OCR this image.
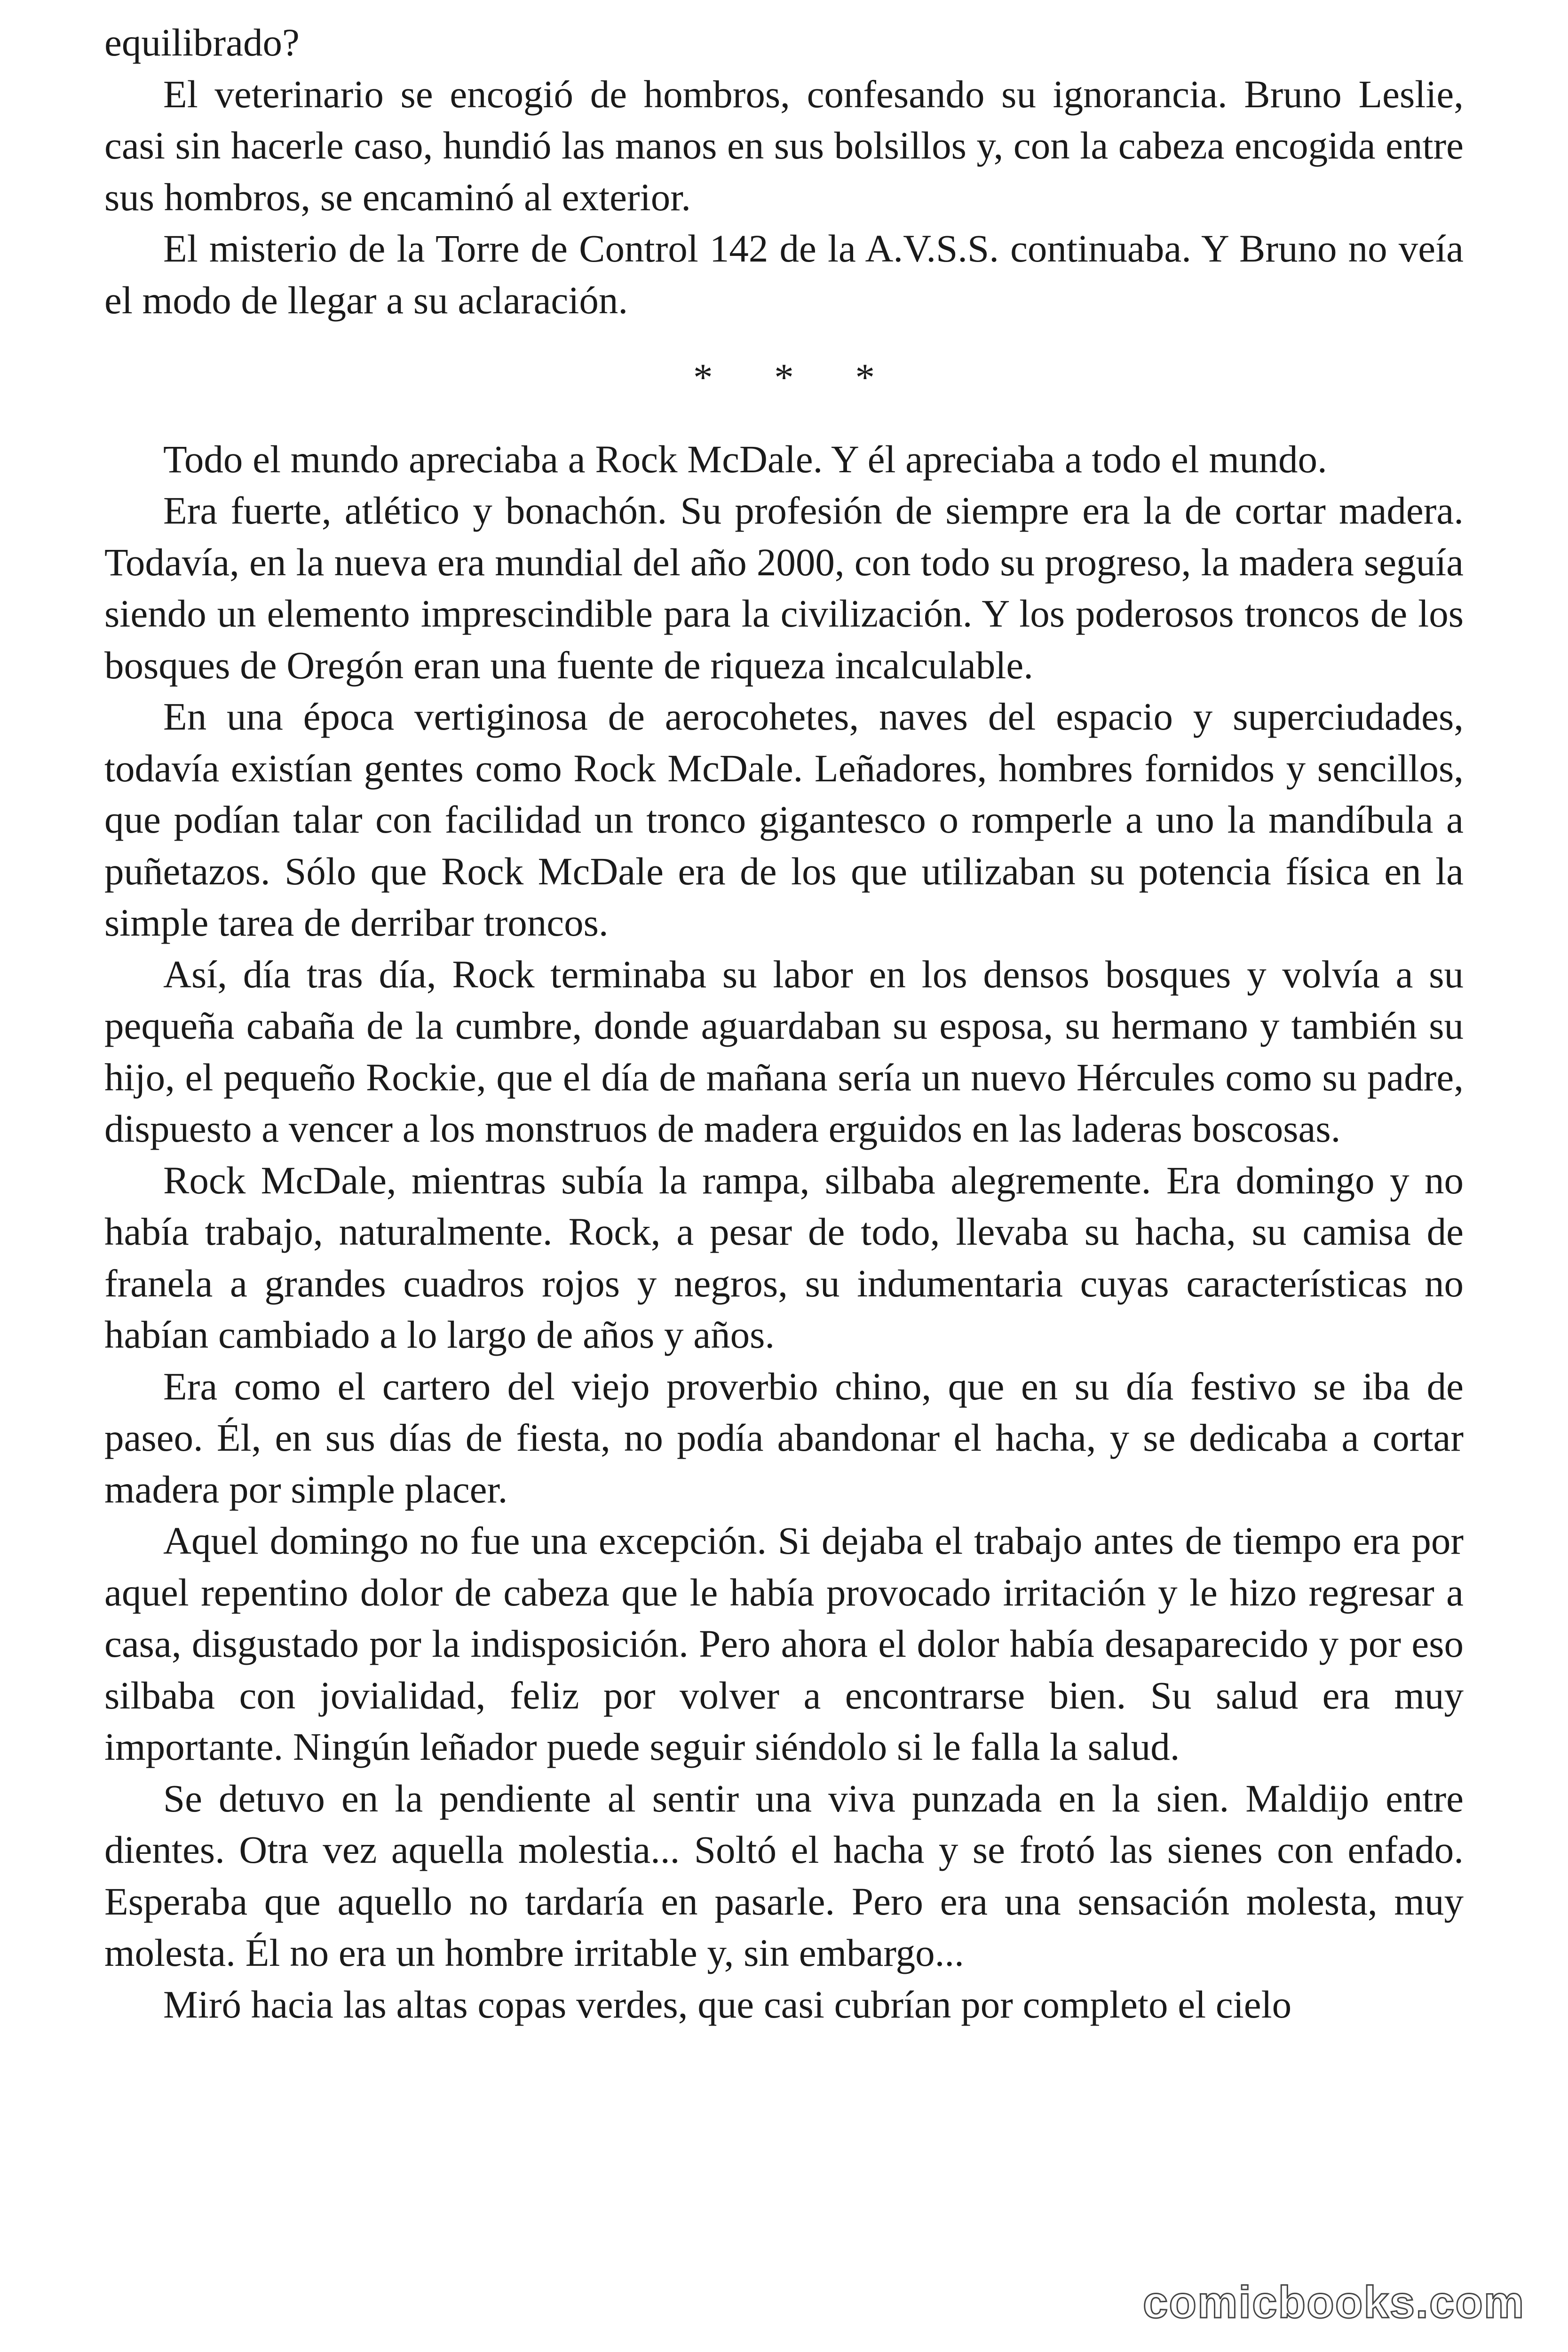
equilibrado?

El veterinario se encogió de hombros, confesando su ignorancia. Bruno Leslie, casi sin hacerle caso, hundió las manos en sus bolsillos y, con la cabeza encogida entre sus hombros, se encaminó al exterior.

El misterio de la Torre de Control 142 de la A.V.S.S. continuaba. Y Bruno no veía el modo de llegar a su aclaración.

* * *

Todo el mundo apreciaba a Rock McDale. Y él apreciaba a todo el mundo.

Era fuerte, atlético y bonachón. Su profesión de siempre era la de cortar madera. Todavía, en la nueva era mundial del año 2000, con todo su progreso, la madera seguía siendo un elemento imprescindible para la civilización. Y los poderosos troncos de los bosques de Oregón eran una fuente de riqueza incalculable.

En una época vertiginosa de aerocohetes, naves del espacio y superciudades, todavía existían gentes como Rock McDale. Leñadores, hombres fornidos y sencillos, que podían talar con facilidad un tronco gigantesco o romperle a uno la mandíbula a puñetazos. Sólo que Rock McDale era de los que utilizaban su potencia física en la simple tarea de derribar troncos.

Así, día tras día, Rock terminaba su labor en los densos bosques y volvía a su pequeña cabaña de la cumbre, donde aguardaban su esposa, su hermano y también su hijo, el pequeño Rockie, que el día de mañana sería un nuevo Hércules como su padre, dispuesto a vencer a los monstruos de madera erguidos en las laderas boscosas.

Rock McDale, mientras subía la rampa, silbaba alegremente. Era domingo y no había trabajo, naturalmente. Rock, a pesar de todo, llevaba su hacha, su camisa de franela a grandes cuadros rojos y negros, su indumentaria cuyas características no habían cambiado a lo largo de años y años.

Era como el cartero del viejo proverbio chino, que en su día festivo se iba de paseo. Él, en sus días de fiesta, no podía abandonar el hacha, y se dedicaba a cortar madera por simple placer.

Aquel domingo no fue una excepción. Si dejaba el trabajo antes de tiempo era por aquel repentino dolor de cabeza que le había provocado irritación y le hizo regresar a casa, disgustado por la indisposición. Pero ahora el dolor había desaparecido y por eso silbaba con jovialidad, feliz por volver a encontrarse bien. Su salud era muy importante. Ningún leñador puede seguir siéndolo si le falla la salud.

Se detuvo en la pendiente al sentir una viva punzada en la sien. Maldijo entre dientes. Otra vez aquella molestia... Soltó el hacha y se frotó las sienes con enfado. Esperaba que aquello no tardaría en pasarle. Pero era una sensación molesta, muy molesta. Él no era un hombre irritable y, sin embargo...

Miró hacia las altas copas verdes, que casi cubrían por completo el cielo

comicbooks.com
